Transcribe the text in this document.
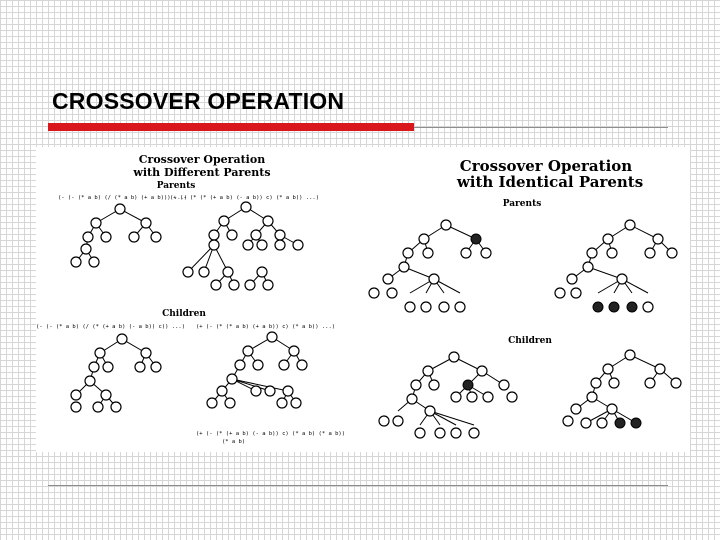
CROSSOVER OPERATION
Crossover Operation
with Different Parents
Parents
(- (- (* a b) (/ (* a b) (+ a b))) ...)
(+ (- (* (* (+ a b) (- a b)) c) (* a b)) ...)
Children
(- (- (* a b) (/ (* (+ a b) (- a b)) c)) ...) (+ (- (* (* a b) (+ a b)) c) (* a b)) ...)
(+ (- (* (+ a b) (- a b)) c) (* a b) (* a b))
(* a b)
Crossover Operation
with Identical Parents
Parents
Children
